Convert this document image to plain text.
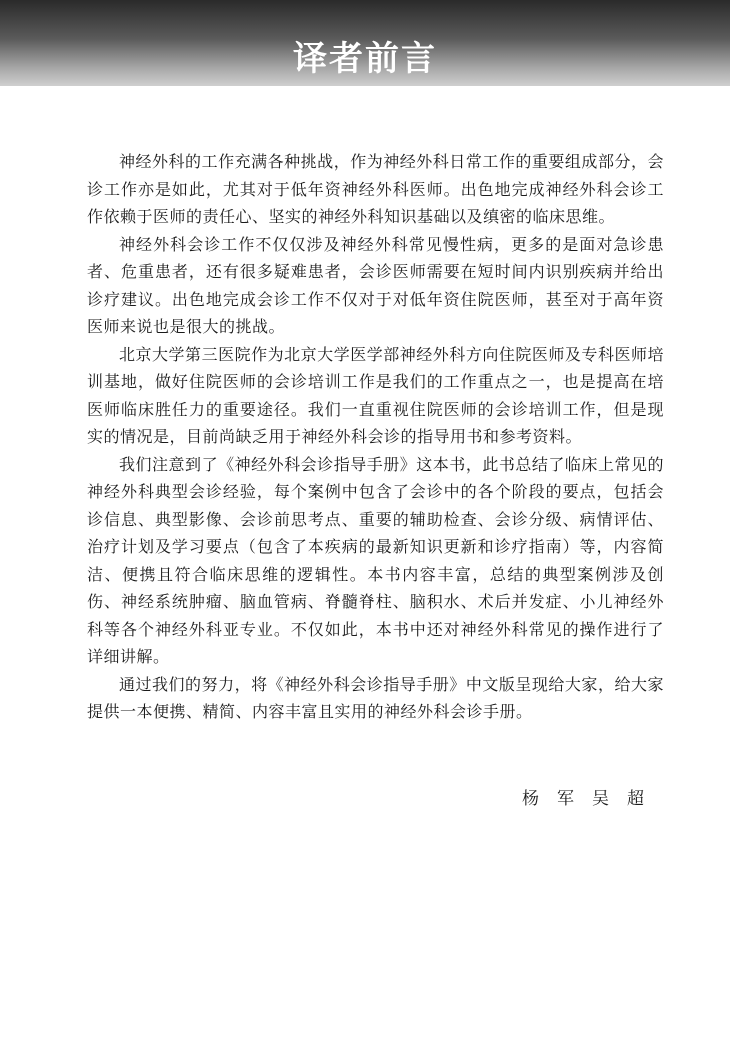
译者前言

神经外科的工作充满各种挑战，作为神经外科日常工作的重要组成部分，会诊工作亦是如此，尤其对于低年资神经外科医师。出色地完成神经外科会诊工作依赖于医师的责任心、坚实的神经外科知识基础以及缜密的临床思维。

神经外科会诊工作不仅仅涉及神经外科常见慢性病，更多的是面对急诊患者、危重患者，还有很多疑难患者，会诊医师需要在短时间内识别疾病并给出诊疗建议。出色地完成会诊工作不仅对于对低年资住院医师，甚至对于高年资医师来说也是很大的挑战。

北京大学第三医院作为北京大学医学部神经外科方向住院医师及专科医师培训基地，做好住院医师的会诊培训工作是我们的工作重点之一，也是提高在培医师临床胜任力的重要途径。我们一直重视住院医师的会诊培训工作，但是现实的情况是，目前尚缺乏用于神经外科会诊的指导用书和参考资料。

我们注意到了《神经外科会诊指导手册》这本书，此书总结了临床上常见的神经外科典型会诊经验，每个案例中包含了会诊中的各个阶段的要点，包括会诊信息、典型影像、会诊前思考点、重要的辅助检查、会诊分级、病情评估、治疗计划及学习要点（包含了本疾病的最新知识更新和诊疗指南）等，内容简洁、便携且符合临床思维的逻辑性。本书内容丰富，总结的典型案例涉及创伤、神经系统肿瘤、脑血管病、脊髓脊柱、脑积水、术后并发症、小儿神经外科等各个神经外科亚专业。不仅如此，本书中还对神经外科常见的操作进行了详细讲解。

通过我们的努力，将《神经外科会诊指导手册》中文版呈现给大家，给大家提供一本便携、精简、内容丰富且实用的神经外科会诊手册。

杨军吴超
